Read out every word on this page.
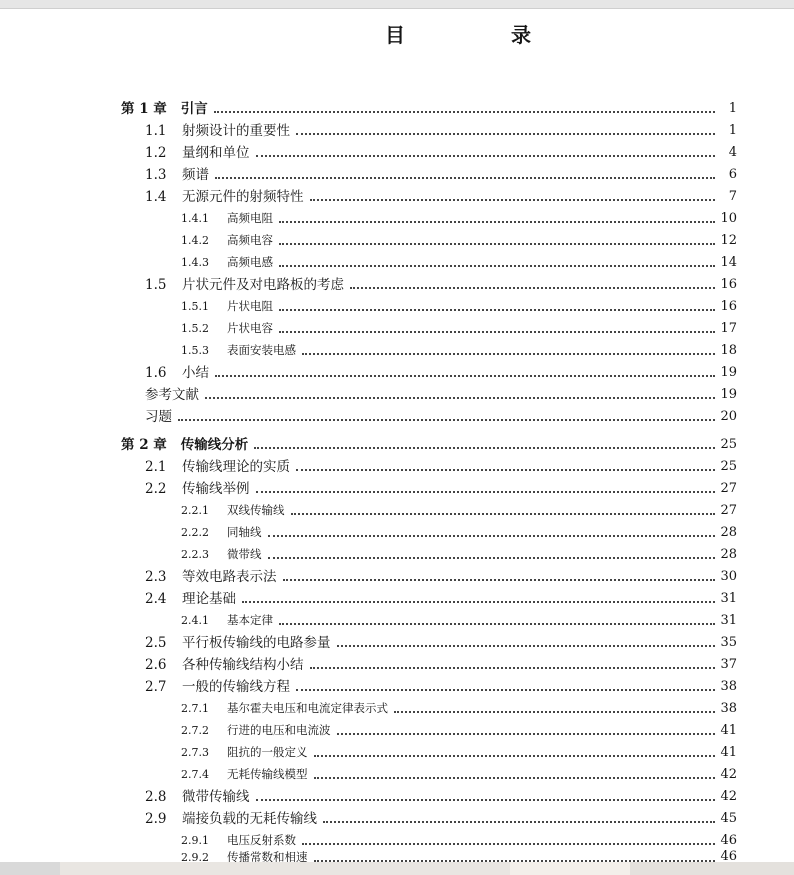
目　录
第 1 章 引言	1
1.1 射频设计的重要性	1
1.2 量纲和单位	4
1.3 频谱	6
1.4 无源元件的射频特性	7
1.4.1 高频电阻	10
1.4.2 高频电容	12
1.4.3 高频电感	14
1.5 片状元件及对电路板的考虑	16
1.5.1 片状电阻	16
1.5.2 片状电容	17
1.5.3 表面安装电感	18
1.6 小结	19
参考文献	19
习题	20
第 2 章 传输线分析	25
2.1 传输线理论的实质	25
2.2 传输线举例	27
2.2.1 双线传输线	27
2.2.2 同轴线	28
2.2.3 微带线	28
2.3 等效电路表示法	30
2.4 理论基础	31
2.4.1 基本定律	31
2.5 平行板传输线的电路参量	35
2.6 各种传输线结构小结	37
2.7 一般的传输线方程	38
2.7.1 基尔霍夫电压和电流定律表示式	38
2.7.2 行进的电压和电流波	41
2.7.3 阻抗的一般定义	41
2.7.4 无耗传输线模型	42
2.8 微带传输线	42
2.9 端接负载的无耗传输线	45
2.9.1 电压反射系数	46
2.9.2 传播常数和相速	46
